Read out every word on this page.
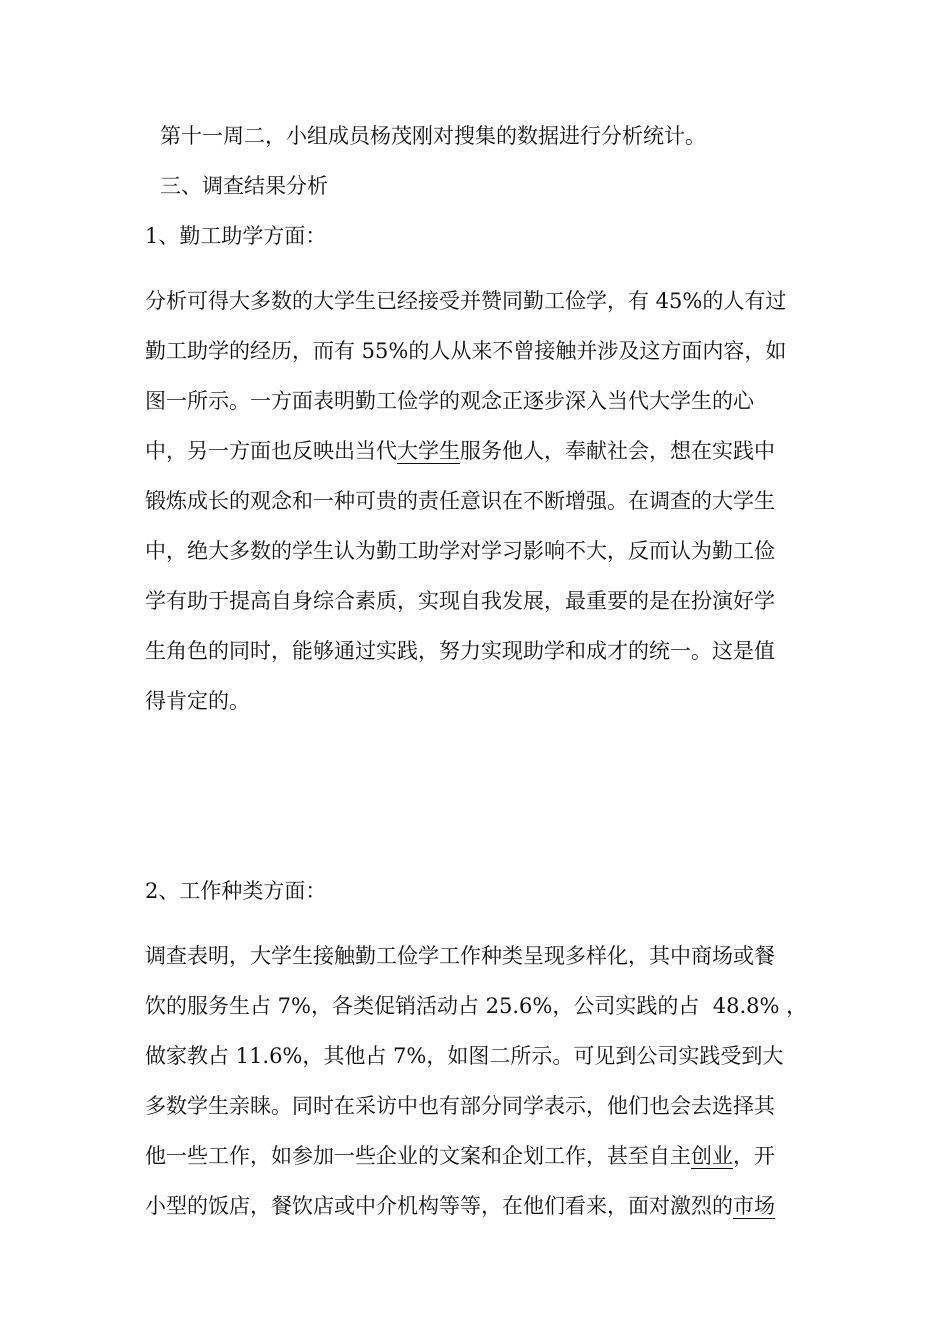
第十一周二，小组成员杨茂刚对搜集的数据进行分析统计。

三、调查结果分析

1、勤工助学方面：

分析可得大多数的大学生已经接受并赞同勤工俭学，有 45%的人有过

勤工助学的经历，而有 55%的人从来不曾接触并涉及这方面内容，如

图一所示。一方面表明勤工俭学的观念正逐步深入当代大学生的心

中，另一方面也反映出当代大学生服务他人，奉献社会，想在实践中

锻炼成长的观念和一种可贵的责任意识在不断增强。在调查的大学生

中，绝大多数的学生认为勤工助学对学习影响不大，反而认为勤工俭

学有助于提高自身综合素质，实现自我发展，最重要的是在扮演好学

生角色的同时，能够通过实践，努力实现助学和成才的统一。这是值

得肯定的。

2、工作种类方面：

调查表明，大学生接触勤工俭学工作种类呈现多样化，其中商场或餐

饮的服务生占 7%，各类促销活动占 25.6%，公司实践的占  48.8% ，

做家教占 11.6%，其他占 7%，如图二所示。可见到公司实践受到大

多数学生亲睐。同时在采访中也有部分同学表示，他们也会去选择其

他一些工作，如参加一些企业的文案和企划工作，甚至自主创业，开

小型的饭店，餐饮店或中介机构等等，在他们看来，面对激烈的市场
